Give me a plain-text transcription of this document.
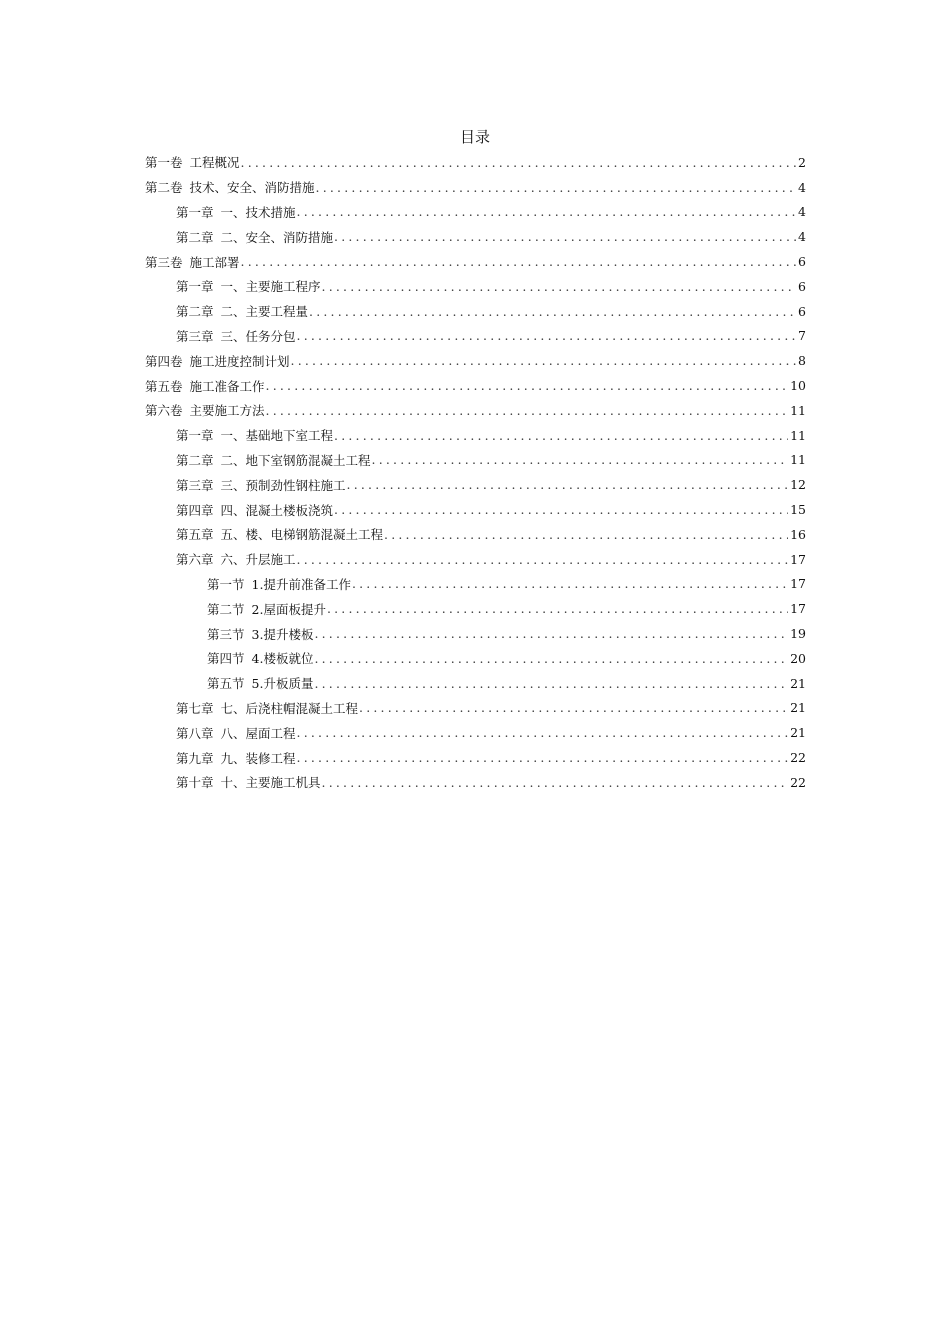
目录
第一卷 工程概况 .....	2
第二卷 技术、安全、消防措施 .....	4
第一章 一、技术措施 .....	4
第二章 二、安全、消防措施 .....	4
第三卷 施工部署 .....	6
第一章 一、主要施工程序 .....	6
第二章 二、主要工程量 .....	6
第三章 三、任务分包 .....	7
第四卷 施工进度控制计划 .....	8
第五卷 施工准备工作 .....	10
第六卷 主要施工方法 .....	11
第一章 一、基础地下室工程 .....	11
第二章 二、地下室钢筋混凝土工程 .....	11
第三章 三、预制劲性钢柱施工 .....	12
第四章 四、混凝土楼板浇筑 .....	15
第五章 五、楼、电梯钢筋混凝土工程 .....	16
第六章 六、升层施工 .....	17
第一节 1.提升前准备工作 .....	17
第二节 2.屋面板提升 .....	17
第三节 3.提升楼板 .....	19
第四节 4.楼板就位 .....	20
第五节 5.升板质量 .....	21
第七章 七、后浇柱帽混凝土工程 .....	21
第八章 八、屋面工程 .....	21
第九章 九、装修工程 .....	22
第十章 十、主要施工机具 .....	22
